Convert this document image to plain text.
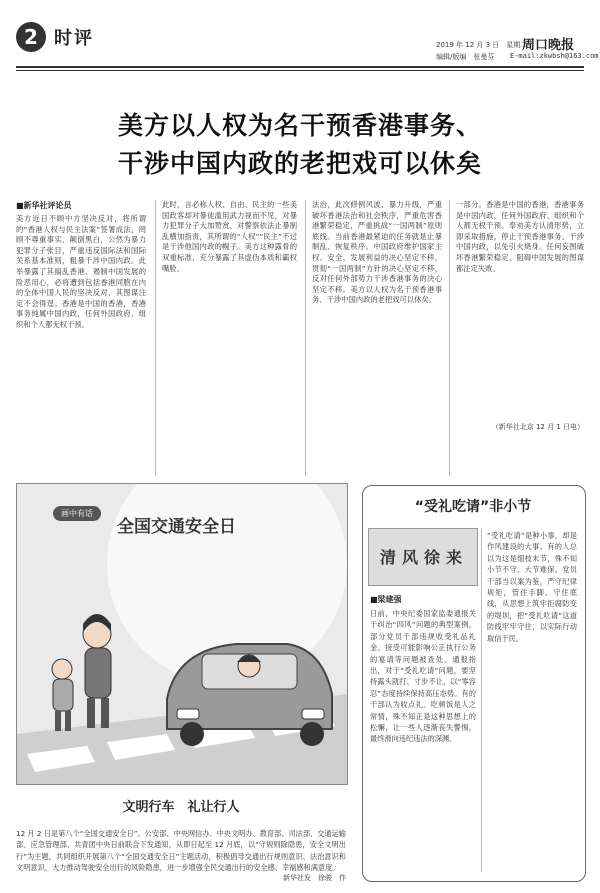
2 时评	2019 年 12 月 3 日　星期二
编辑/版编　张曼芬
周口晚报
E-mail:zkwbsh@163.com
美方以人权为名干预香港事务、
干涉中国内政的老把戏可以休矣
■新华社评论员
美方近日不顾中方坚决反对，将所谓的“香港人权与民主法案”签署成法，罔顾不尊重事实、颠倒黑白，公然为暴力犯罪分子张目，严重违反国际法和国际关系基本准则，粗暴干涉中国内政。此举暴露了其搞乱香港、遏制中国发展的险恶用心，必将遭到包括香港同胞在内的全体中国人民的坚决反对，其图谋注定不会得逞。香港是中国的香港，香港事务纯属中国内政，任何外国政府、组织和个人都无权干预。
此时，言必称人权、自由、民主的一些美国政客却对暴徒滥用武力视而不见，对暴力犯罪分子大加赞赏，对警察依法止暴制乱横加指责，其所谓的“人权”“民主”不过是干涉他国内政的幌子。美方这种露骨的双重标准，充分暴露了其虚伪本质和霸权嘴脸。
法治，此次修例风波、暴力升级，严重破坏香港法治和社会秩序，严重危害香港繁荣稳定，严重挑战“一国两制”原则底线。当前香港最紧迫的任务就是止暴制乱、恢复秩序。中国政府维护国家主权、安全、发展利益的决心坚定不移，贯彻“一国两制”方针的决心坚定不移，反对任何外部势力干涉香港事务的决心坚定不移。美方以人权为名干预香港事务、干涉中国内政的老把戏可以休矣。
一部分。香港是中国的香港，香港事务是中国内政，任何外国政府、组织和个人都无权干预。奉劝美方认清形势，立即采取措施，停止干预香港事务、干涉中国内政，以免引火烧身。任何妄图破坏香港繁荣稳定、阻碍中国发展的图谋都注定失败。
（新华社北京 12 月 1 日电）
画中有话
全国交通安全日
文明行车　礼让行人
12 月 2 日是第八个“全国交通安全日”。公安部、中央网信办、中央文明办、教育部、司法部、交通运输部、应急管理部、共青团中央日前联合下发通知，从即日起至 12 月底，以“守规则除隐患，安全文明出行”为主题，共同组织开展第八个“全国交通安全日”主题活动，积极倡导交通出行规则意识、法治意识和文明意识，大力推动驾驶安全出行的风险隐患，进一步增强全民交通出行的安全感、幸福感和满意度。
新华社发　徐骏　作
“受礼吃请”非小节
清风徐来
■梁建强
日前，中央纪委国家监委通报关于纠治“四风”问题的典型案例，部分党员干部违规收受礼品礼金、接受可能影响公正执行公务的宴请等问题被查处。通报指出，对于“受礼吃请”问题，要坚持露头就打、寸步不让，以“零容忍”态度持续保持高压态势。有的干部认为收点礼、吃顿饭是人之常情，殊不知正是这种思想上的松懈，让一些人逐渐丧失警惕，最终滑向违纪违法的深渊。
“受礼吃请”是种小事，却是作风建设的大事。有的人总以为这是细枝末节，殊不知小节不守、大节难保。党员干部当以案为鉴，严守纪律规矩，管住手脚、守住底线，从思想上筑牢拒腐防变的堤坝，把“受礼吃请”这道防线牢牢守住，以实际行动取信于民。
